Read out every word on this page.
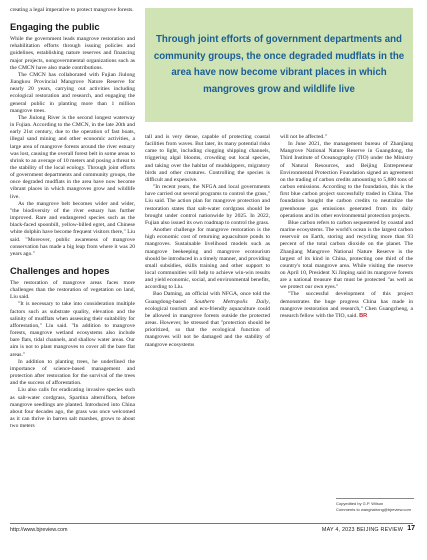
creating a legal imperative to protect mangrove forests.

Engaging the public

While the government leads mangrove restoration and rehabilitation efforts through issuing policies and guidelines, establishing nature reserves and financing major projects, nongovernmental organizations such as the CMCN have also made contributions.

The CMCN has collaborated with Fujian Jiulong Jiangkou Provincial Mangrove Nature Reserve for nearly 20 years, carrying out activities including ecological restoration and research, and engaging the general public in planting more than 1 million mangrove trees.

The Jiulong River is the second longest waterway in Fujian. According to the CMCN, in the late 20th and early 21st century, due to the operation of fast boats, illegal sand mining and other economic activities, a large area of mangrove forests around the river estuary was lost, causing the overall forest belt in some areas to shrink to an average of 10 meters and posing a threat to the stability of the local ecology. Through joint efforts of government departments and community groups, the once degraded mudflats in the area have now become vibrant places in which mangroves grow and wildlife live.

As the mangrove belt becomes wider and wider, "the biodiversity of the river estuary has further improved. Rare and endangered species such as the black-faced spoonbill, yellow-billed egret, and Chinese white dolphin have become frequent visitors there," Liu said. "Moreover, public awareness of mangrove conservation has made a big leap from where it was 20 years ago."

Challenges and hopes

The restoration of mangrove areas faces more challenges than the restoration of vegetation on land, Liu said.

"It is necessary to take into consideration multiple factors such as substrate quality, elevation and the salinity of mudflats when assessing their suitability for afforestation," Liu said. "In addition to mangrove forests, mangrove wetland ecosystems also include bare flats, tidal channels, and shallow water areas. Our aim is not to plant mangroves to cover all the bare flat areas."

In addition to planting trees, he underlined the importance of science-based management and protection after restoration for the survival of the trees and the success of afforestation.

Liu also calls for eradicating invasive species such as salt-water cordgrass, Spartina alterniflora, before mangrove seedlings are planted. Introduced into China about four decades ago, the grass was once welcomed as it can thrive in barren salt marshes, grows to about two meters

Through joint efforts of government departments and community groups, the once degraded mudflats in the area have now become vibrant places in which mangroves grow and wildlife live

tall and is very dense, capable of protecting coastal facilities from waves. But later, its many potential risks came to light, including clogging shipping channels, triggering algal blooms, crowding out local species, and taking over the habitat of mudskippers, migratory birds and other creatures. Controlling the species is difficult and expensive.

"In recent years, the NFGA and local governments have carried out several programs to control the grass," Liu said. The action plan for mangrove protection and restoration states that salt-water cordgrass should be brought under control nationwide by 2025. In 2022, Fujian also issued its own roadmap to control the grass.

Another challenge for mangrove restoration is the high economic cost of returning aquaculture ponds to mangroves. Sustainable livelihood models such as mangrove beekeeping and mangrove ecotourism should be introduced in a timely manner, and providing small subsidies, skills training and other support to local communities will help to achieve win-win results and yield economic, social, and environmental benefits, according to Liu.

Bao Daming, an official with NFGA, once told the Guangdong-based Southern Metropolis Daily, ecological tourism and eco-friendly aquaculture could be allowed in mangrove forests outside the protected areas. However, he stressed that "protection should be prioritized, so that the ecological function of mangroves will not be damaged and the stability of mangrove ecosystems

will not be affected."

In June 2021, the management bureau of Zhanjiang Mangrove National Nature Reserve in Guangdong, the Third Institute of Oceanography (TIO) under the Ministry of Natural Resources, and Beijing Entrepreneur Environmental Protection Foundation signed an agreement on the trading of carbon credits amounting to 5,880 tons of carbon emissions. According to the foundation, this is the first blue carbon project successfully traded in China. The foundation bought the carbon credits to neutralize the greenhouse gas emissions generated from its daily operations and its other environmental protection projects.

Blue carbon refers to carbon sequestered by coastal and marine ecosystems. The world's ocean is the largest carbon reservoir on Earth, storing and recycling more than 93 percent of the total carbon dioxide on the planet. The Zhanjiang Mangrove National Nature Reserve is the largest of its kind in China, protecting one third of the country's total mangrove area. While visiting the reserve on April 10, President Xi Jinping said its mangrove forests are a national treasure that must be protected "as well as we protect our own eyes."

"The successful development of this project demonstrates the huge progress China has made in mangrove restoration and research," Chen Guangcheng, a research fellow with the TIO, said. BR

Copyedited by G.P. Wilson
Comments to wanghairong@bjreview.com
http://www.bjreview.com	MAY 4, 2023 BEIJING REVIEW 17
